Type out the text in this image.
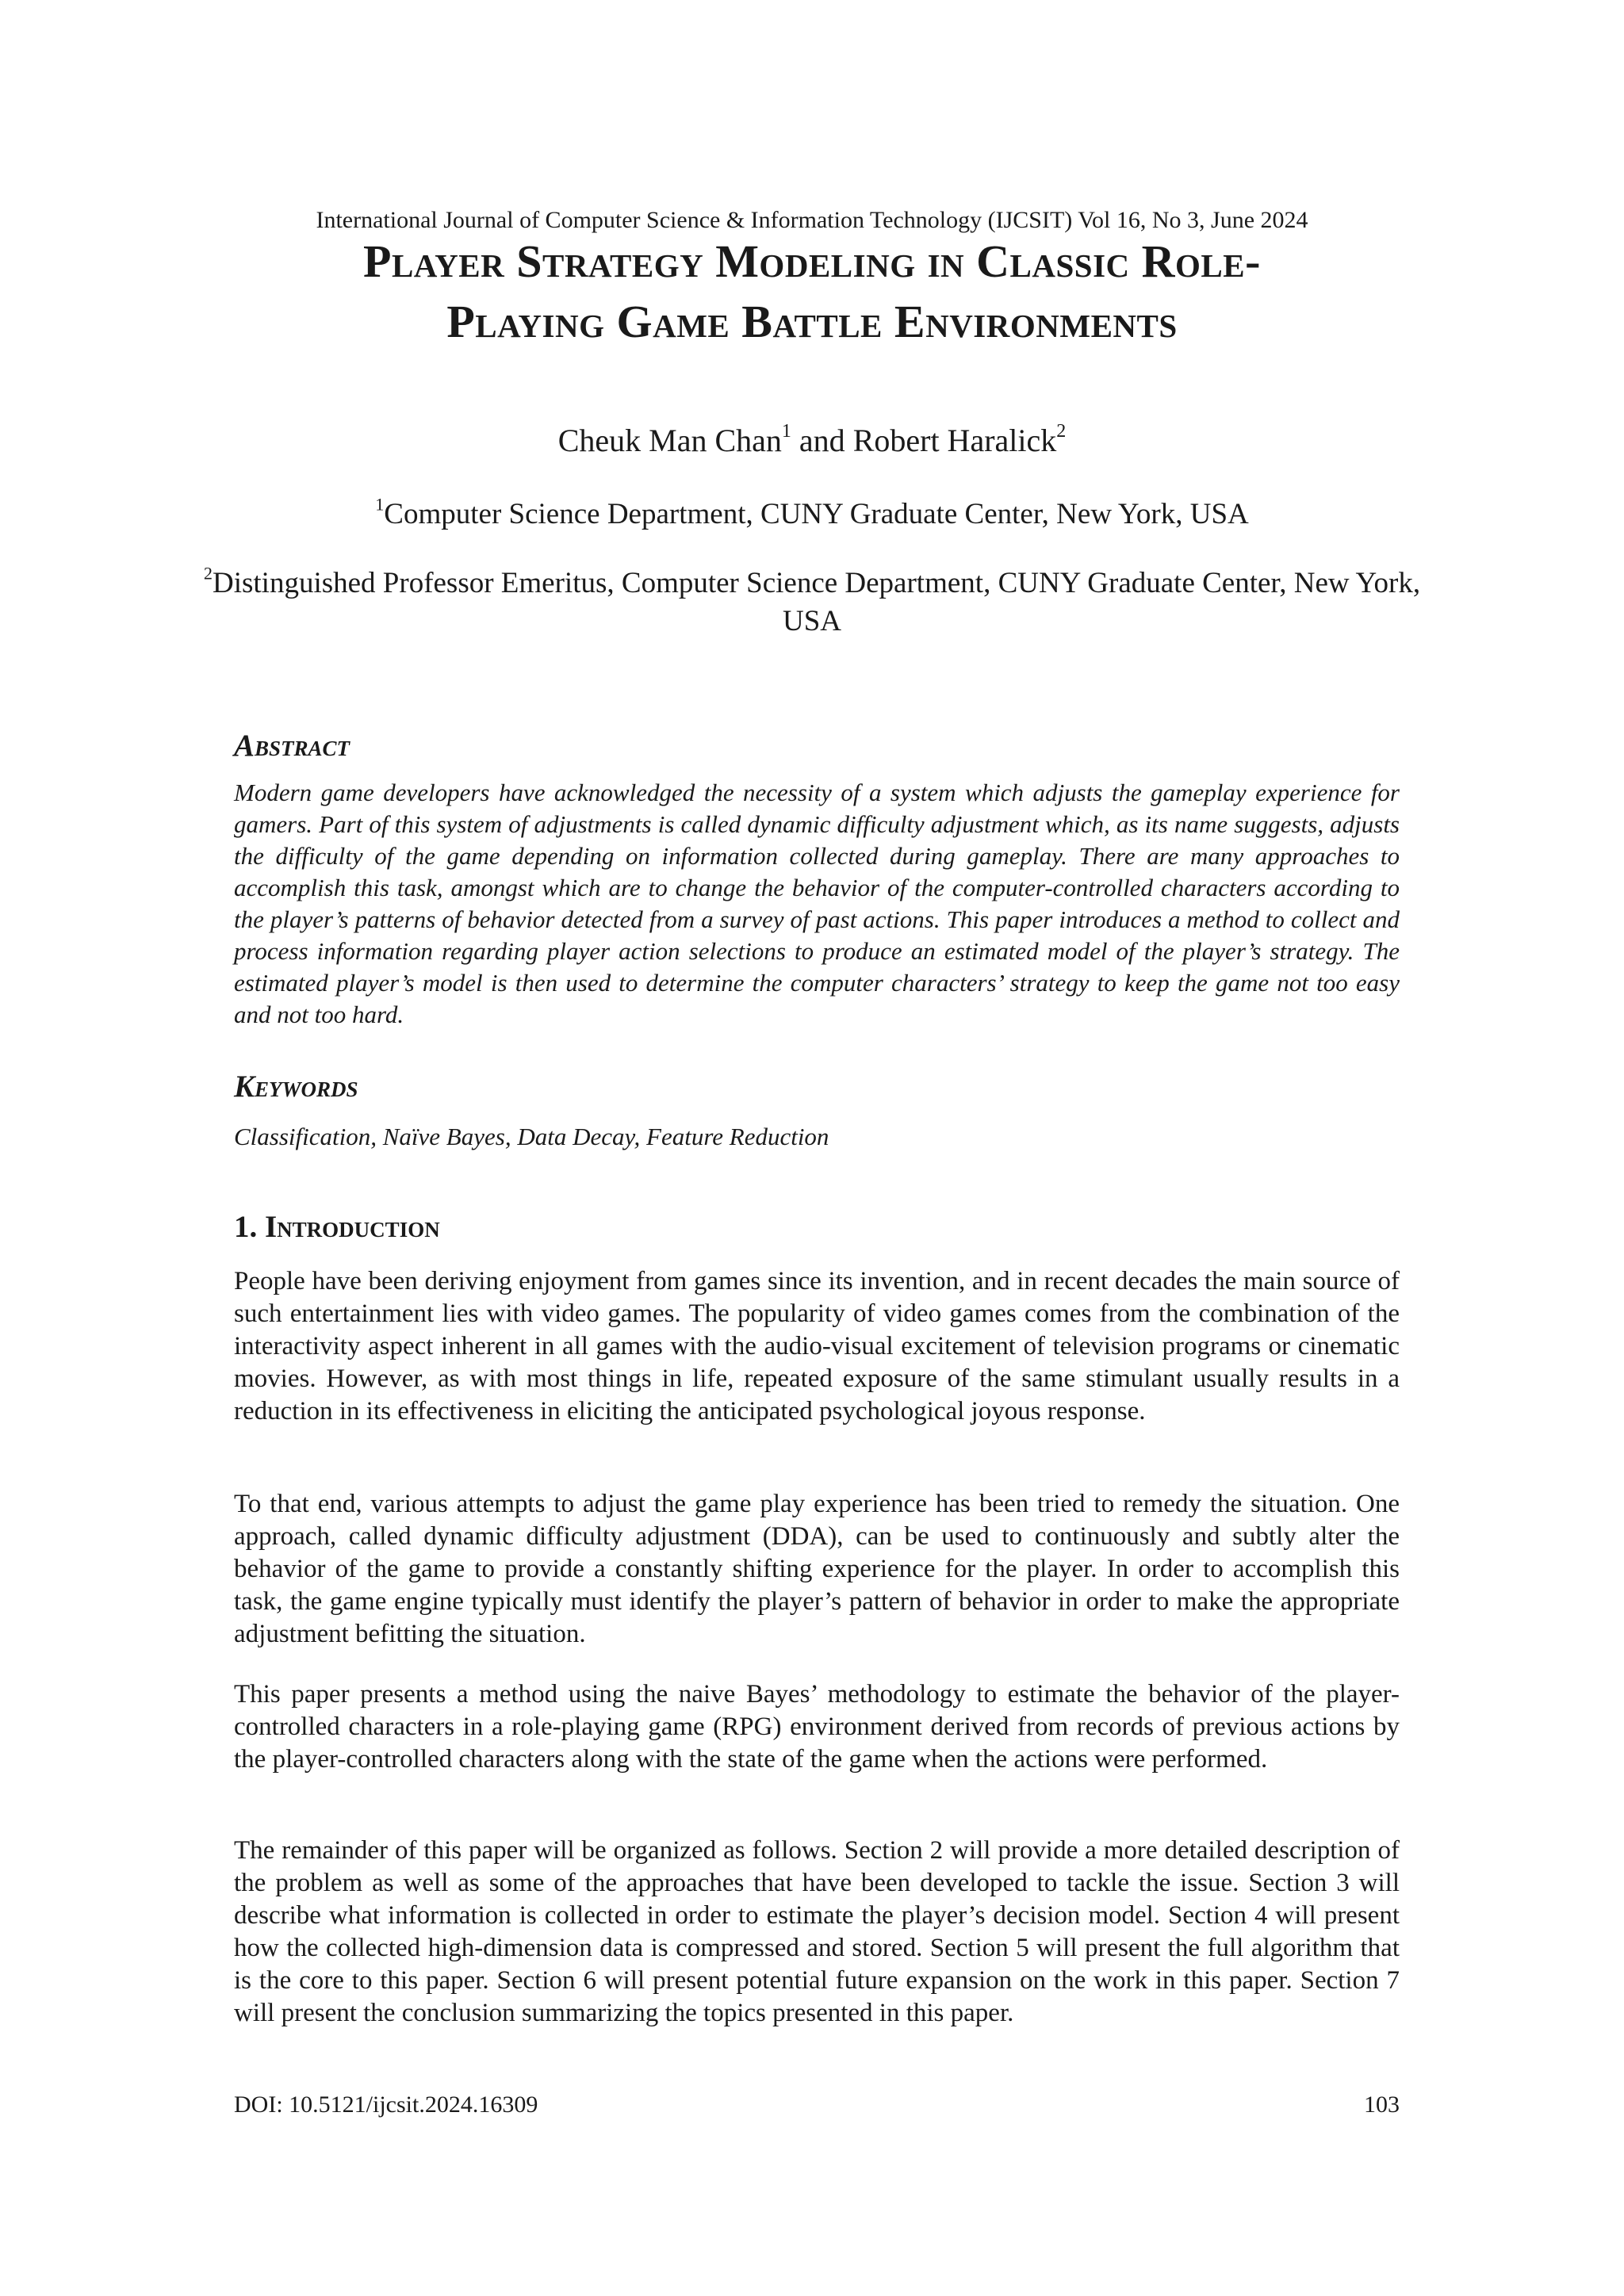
International Journal of Computer Science & Information Technology (IJCSIT) Vol 16, No 3, June 2024
Player Strategy Modeling in Classic Role-
Playing Game Battle Environments
Cheuk Man Chan$^1$ and Robert Haralick$^2$
$^1$Computer Science Department, CUNY Graduate Center, New York, USA
$^2$Distinguished Professor Emeritus, Computer Science Department, CUNY Graduate Center, New York, USA
Abstract

Modern game developers have acknowledged the necessity of a system which adjusts the gameplay experience for gamers. Part of this system of adjustments is called dynamic difficulty adjustment which, as its name suggests, adjusts the difficulty of the game depending on information collected during gameplay. There are many approaches to accomplish this task, amongst which are to change the behavior of the computer-controlled characters according to the player’s patterns of behavior detected from a survey of past actions. This paper introduces a method to collect and process information regarding player action selections to produce an estimated model of the player’s strategy. The estimated player’s model is then used to determine the computer characters’ strategy to keep the game not too easy and not too hard.

Keywords

Classification, Naïve Bayes, Data Decay, Feature Reduction

1. Introduction

People have been deriving enjoyment from games since its invention, and in recent decades the main source of such entertainment lies with video games. The popularity of video games comes from the combination of the interactivity aspect inherent in all games with the audio-visual excitement of television programs or cinematic movies. However, as with most things in life, repeated exposure of the same stimulant usually results in a reduction in its effectiveness in eliciting the anticipated psychological joyous response.

To that end, various attempts to adjust the game play experience has been tried to remedy the situation. One approach, called dynamic difficulty adjustment (DDA), can be used to continuously and subtly alter the behavior of the game to provide a constantly shifting experience for the player. In order to accomplish this task, the game engine typically must identify the player’s pattern of behavior in order to make the appropriate adjustment befitting the situation.

This paper presents a method using the naive Bayes’ methodology to estimate the behavior of the player-controlled characters in a role-playing game (RPG) environment derived from records of previous actions by the player-controlled characters along with the state of the game when the actions were performed.

The remainder of this paper will be organized as follows. Section 2 will provide a more detailed description of the problem as well as some of the approaches that have been developed to tackle the issue. Section 3 will describe what information is collected in order to estimate the player’s decision model. Section 4 will present how the collected high-dimension data is compressed and stored. Section 5 will present the full algorithm that is the core to this paper. Section 6 will present potential future expansion on the work in this paper. Section 7 will present the conclusion summarizing the topics presented in this paper.

DOI: 10.5121/ijcsit.2024.16309	103
